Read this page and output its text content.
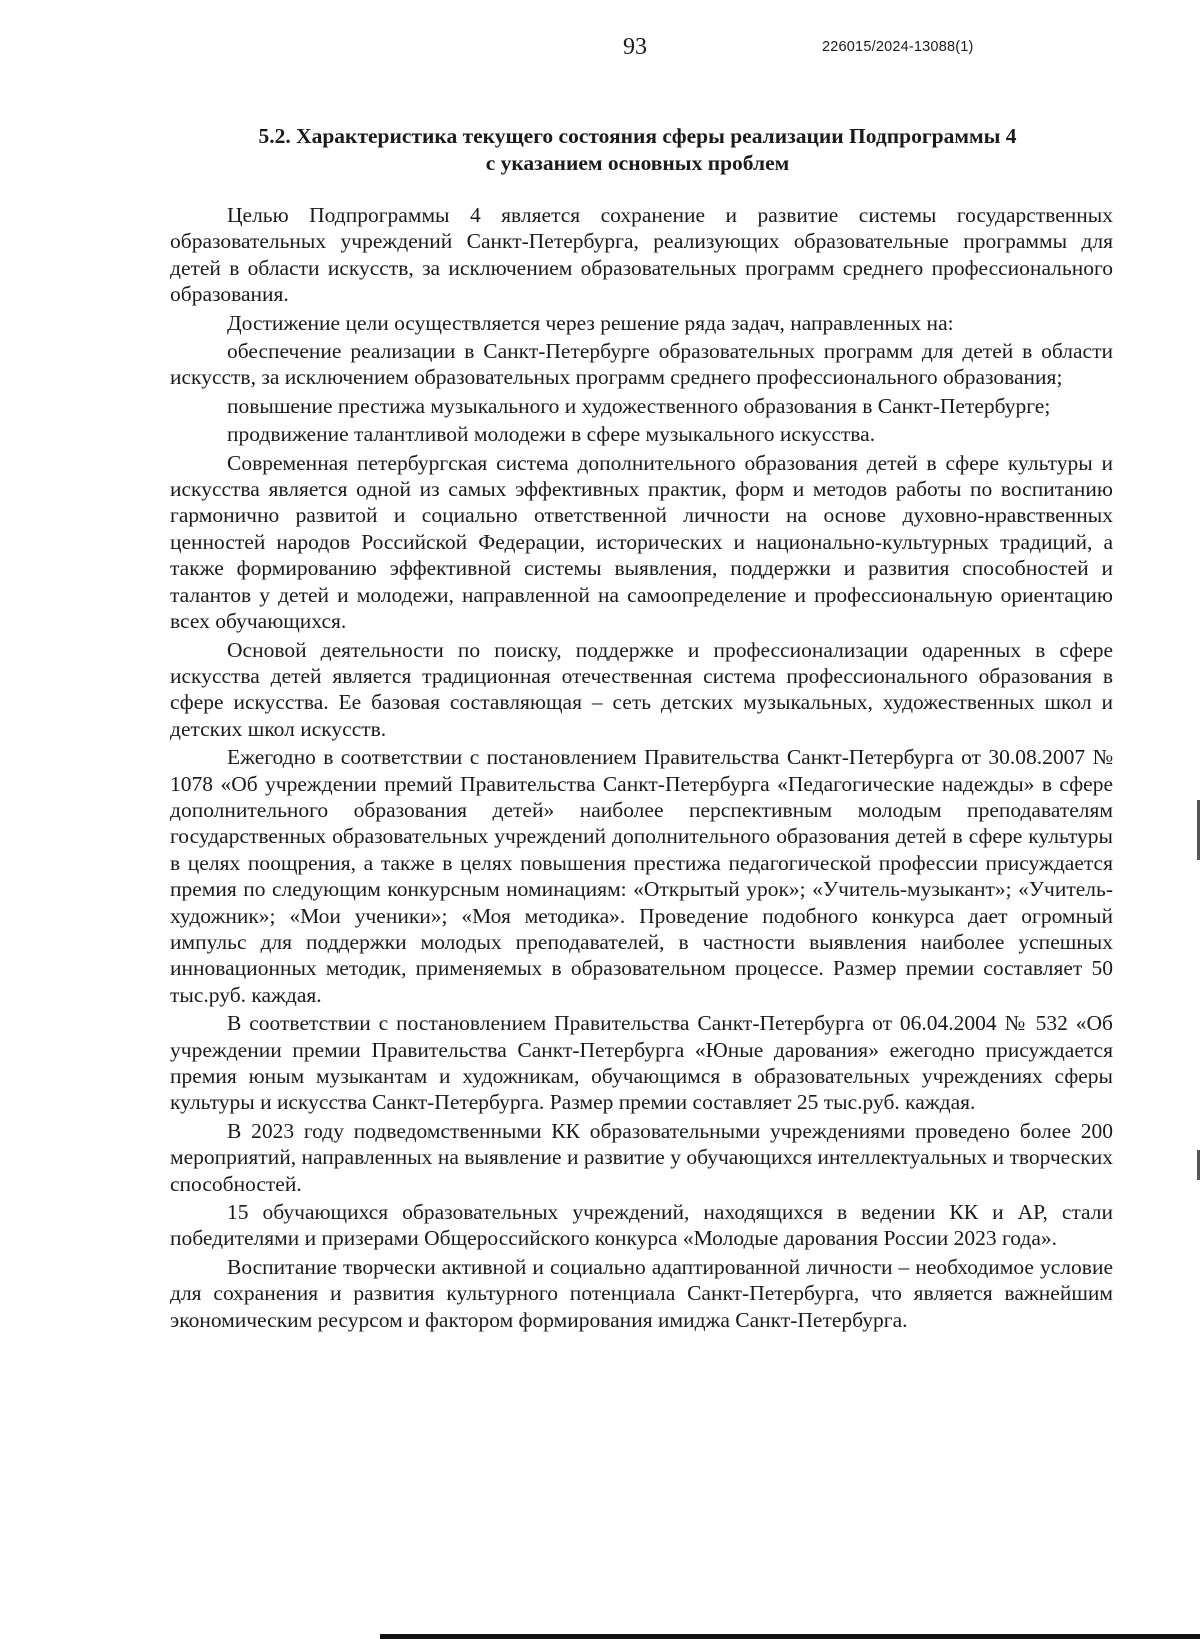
93	226015/2024-13088(1)
5.2. Характеристика текущего состояния сферы реализации Подпрограммы 4
с указанием основных проблем

Целью Подпрограммы 4 является сохранение и развитие системы государственных образовательных учреждений Санкт-Петербурга, реализующих образовательные программы для детей в области искусств, за исключением образовательных программ среднего профессионального образования.

Достижение цели осуществляется через решение ряда задач, направленных на:

обеспечение реализации в Санкт-Петербурге образовательных программ для детей в области искусств, за исключением образовательных программ среднего профессионального образования;

повышение престижа музыкального и художественного образования в Санкт-Петербурге;

продвижение талантливой молодежи в сфере музыкального искусства.

Современная петербургская система дополнительного образования детей в сфере культуры и искусства является одной из самых эффективных практик, форм и методов работы по воспитанию гармонично развитой и социально ответственной личности на основе духовно-нравственных ценностей народов Российской Федерации, исторических и национально-культурных традиций, а также формированию эффективной системы выявления, поддержки и развития способностей и талантов у детей и молодежи, направленной на самоопределение и профессиональную ориентацию всех обучающихся.

Основой деятельности по поиску, поддержке и профессионализации одаренных в сфере искусства детей является традиционная отечественная система профессионального образования в сфере искусства. Ее базовая составляющая – сеть детских музыкальных, художественных школ и детских школ искусств.

Ежегодно в соответствии с постановлением Правительства Санкт-Петербурга от 30.08.2007 № 1078 «Об учреждении премий Правительства Санкт-Петербурга «Педагогические надежды» в сфере дополнительного образования детей» наиболее перспективным молодым преподавателям государственных образовательных учреждений дополнительного образования детей в сфере культуры в целях поощрения, а также в целях повышения престижа педагогической профессии присуждается премия по следующим конкурсным номинациям: «Открытый урок»; «Учитель-музыкант»; «Учитель-художник»; «Мои ученики»; «Моя методика». Проведение подобного конкурса дает огромный импульс для поддержки молодых преподавателей, в частности выявления наиболее успешных инновационных методик, применяемых в образовательном процессе. Размер премии составляет 50 тыс.руб. каждая.

В соответствии с постановлением Правительства Санкт-Петербурга от 06.04.2004 № 532 «Об учреждении премии Правительства Санкт-Петербурга «Юные дарования» ежегодно присуждается премия юным музыкантам и художникам, обучающимся в образовательных учреждениях сферы культуры и искусства Санкт-Петербурга. Размер премии составляет 25 тыс.руб. каждая.

В 2023 году подведомственными КК образовательными учреждениями проведено более 200 мероприятий, направленных на выявление и развитие у обучающихся интеллектуальных и творческих способностей.

15 обучающихся образовательных учреждений, находящихся в ведении КК и АР, стали победителями и призерами Общероссийского конкурса «Молодые дарования России 2023 года».

Воспитание творчески активной и социально адаптированной личности – необходимое условие для сохранения и развития культурного потенциала Санкт-Петербурга, что является важнейшим экономическим ресурсом и фактором формирования имиджа Санкт-Петербурга.
